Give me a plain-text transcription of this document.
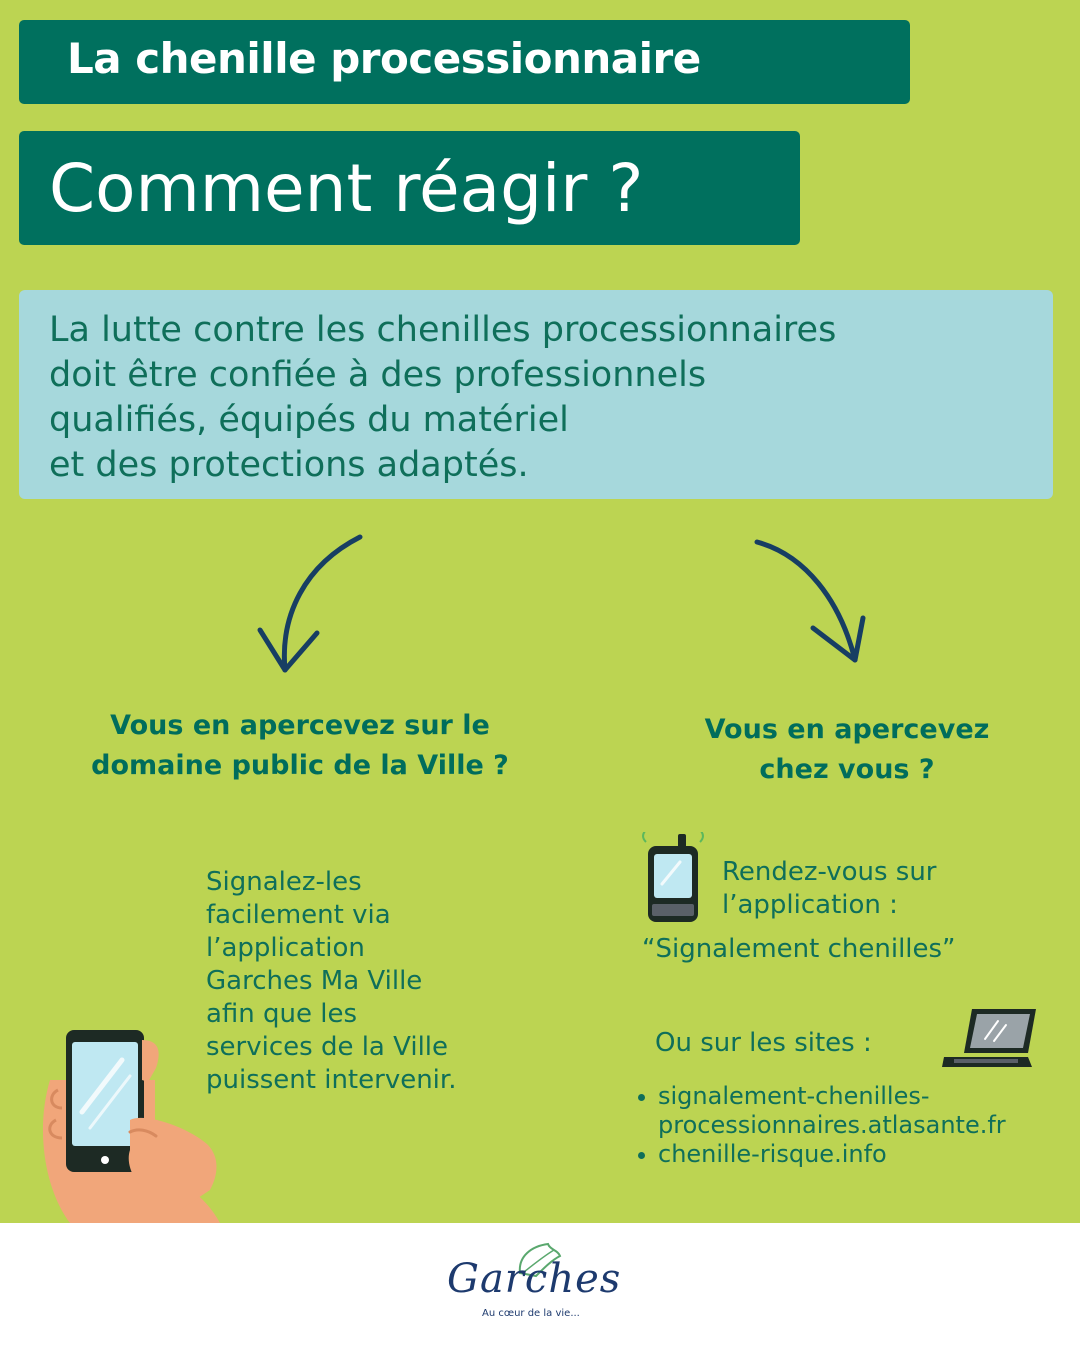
La chenille processionnaire
Comment réagir ?

La lutte contre les chenilles processionnaires
doit être confiée à des professionnels
qualifiés, équipés du matériel
et des protections adaptés.

Vous en apercevez sur le
domaine public de la Ville ?
Vous en apercevez
chez vous ?
Signalez-les
facilement via
l’application
Garches Ma Ville
afin que les
services de la Ville
puissent intervenir.
Rendez-vous sur
l’application :
“Signalement chenilles”
Ou sur les sites :
signalement-chenilles-
processionnaires.atlasante.fr
chenille-risque.info
Garches
Au cœur de la vie...
